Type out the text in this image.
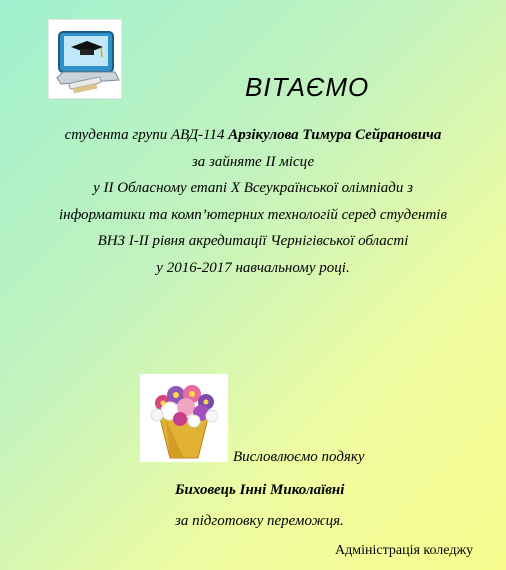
ВІТАЄМО
студента групи АВД-114 Арзікулова Тимура Сейрановича
за зайняте ІІ місце
у ІІ Обласному етапі Х Всеукраїнської олімпіади з
інформатики та комп’ютерних технологій серед студентів
ВНЗ І-ІІ рівня акредитації Чернігівської області
у 2016-2017 навчальному році.
Висловлюємо подяку
Биховець Інні Миколаївні
за підготовку переможця.
Адміністрація коледжу
